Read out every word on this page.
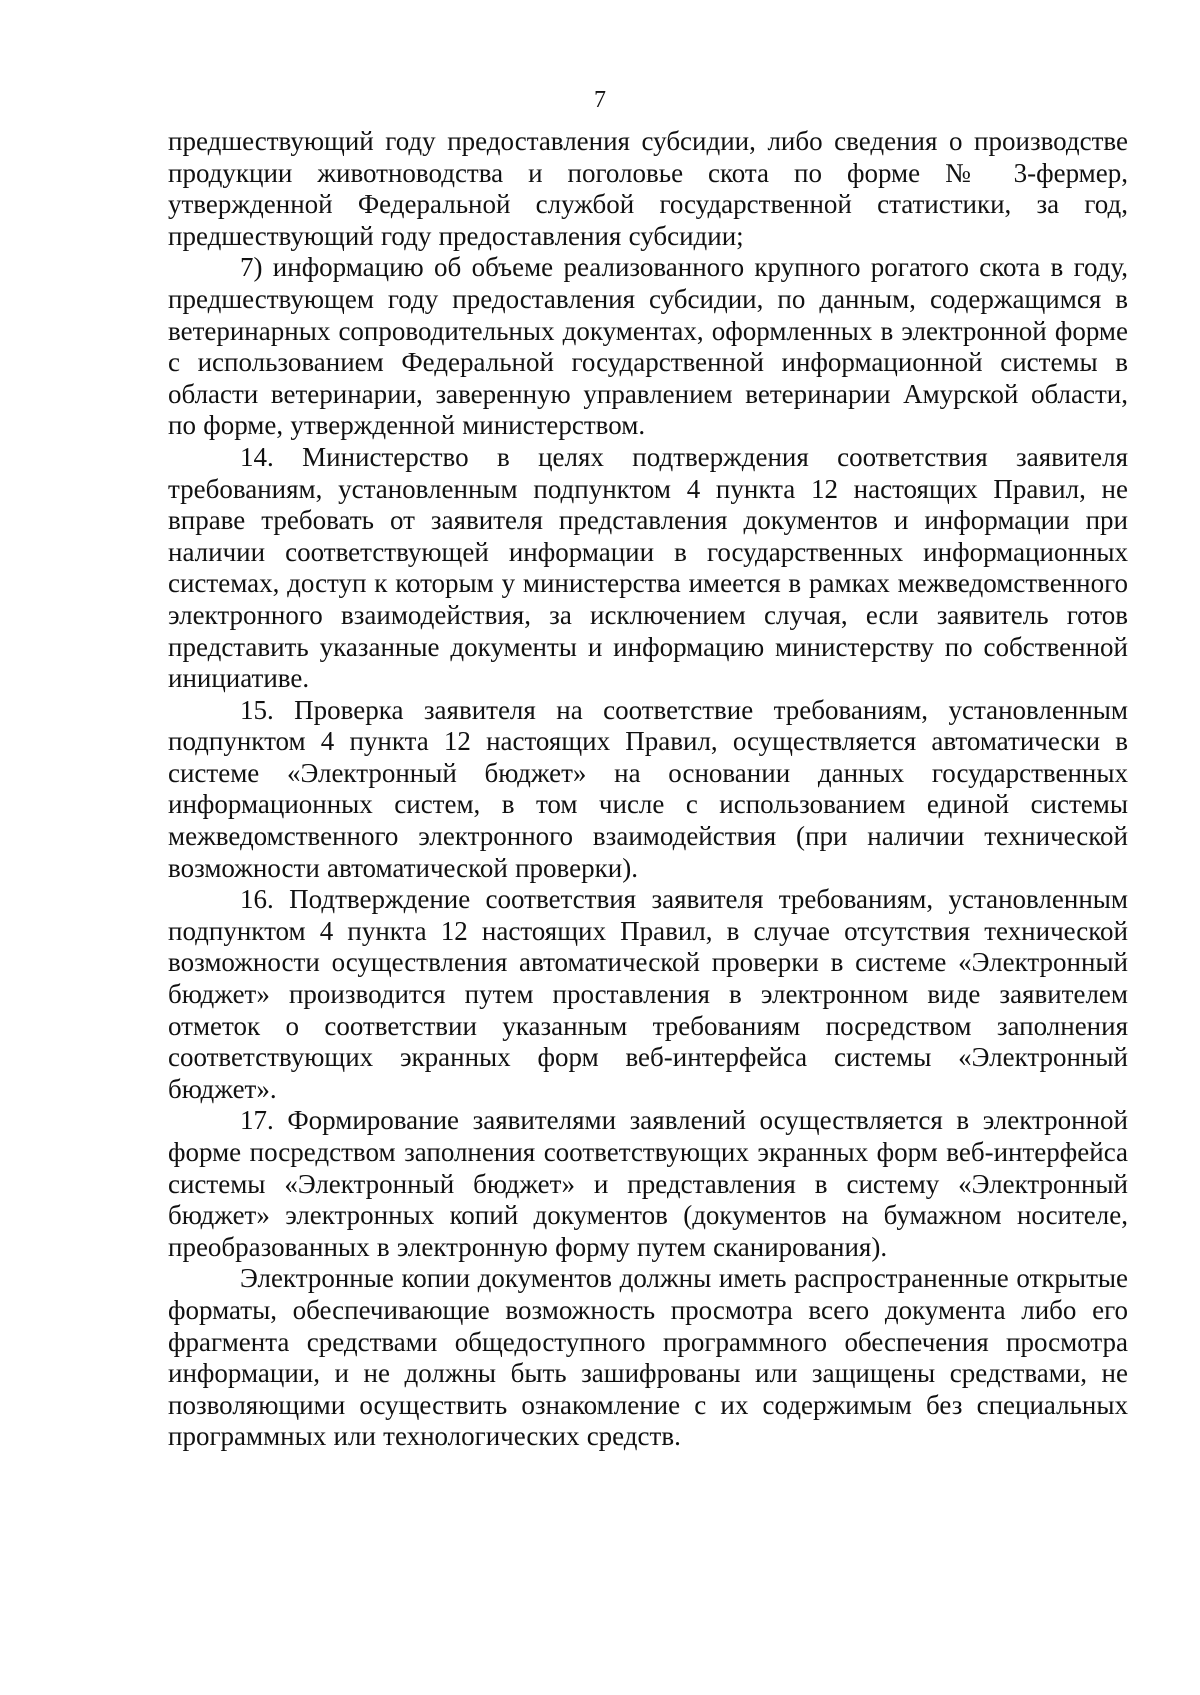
7

предшествующий году предоставления субсидии, либо сведения о производстве продукции животноводства и поголовье скота по форме № 3-фермер, утвержденной Федеральной службой государственной статистики, за год, предшествующий году предоставления субсидии;

7) информацию об объеме реализованного крупного рогатого скота в году, предшествующем году предоставления субсидии, по данным, содержащимся в ветеринарных сопроводительных документах, оформленных в электронной форме с использованием Федеральной государственной информационной системы в области ветеринарии, заверенную управлением ветеринарии Амурской области, по форме, утвержденной министерством.

14. Министерство в целях подтверждения соответствия заявителя требованиям, установленным подпунктом 4 пункта 12 настоящих Правил, не вправе требовать от заявителя представления документов и информации при наличии соответствующей информации в государственных информационных системах, доступ к которым у министерства имеется в рамках межведомственного электронного взаимодействия, за исключением случая, если заявитель готов представить указанные документы и информацию министерству по собственной инициативе.

15. Проверка заявителя на соответствие требованиям, установленным подпунктом 4 пункта 12 настоящих Правил, осуществляется автоматически в системе «Электронный бюджет» на основании данных государственных информационных систем, в том числе с использованием единой системы межведомственного электронного взаимодействия (при наличии технической возможности автоматической проверки).

16. Подтверждение соответствия заявителя требованиям, установленным подпунктом 4 пункта 12 настоящих Правил, в случае отсутствия технической возможности осуществления автоматической проверки в системе «Электронный бюджет» производится путем проставления в электронном виде заявителем отметок о соответствии указанным требованиям посредством заполнения соответствующих экранных форм веб-интерфейса системы «Электронный бюджет».

17. Формирование заявителями заявлений осуществляется в электронной форме посредством заполнения соответствующих экранных форм веб-интерфейса системы «Электронный бюджет» и представления в систему «Электронный бюджет» электронных копий документов (документов на бумажном носителе, преобразованных в электронную форму путем сканирования).

Электронные копии документов должны иметь распространенные открытые форматы, обеспечивающие возможность просмотра всего документа либо его фрагмента средствами общедоступного программного обеспечения просмотра информации, и не должны быть зашифрованы или защищены средствами, не позволяющими осуществить ознакомление с их содержимым без специальных программных или технологических средств.
